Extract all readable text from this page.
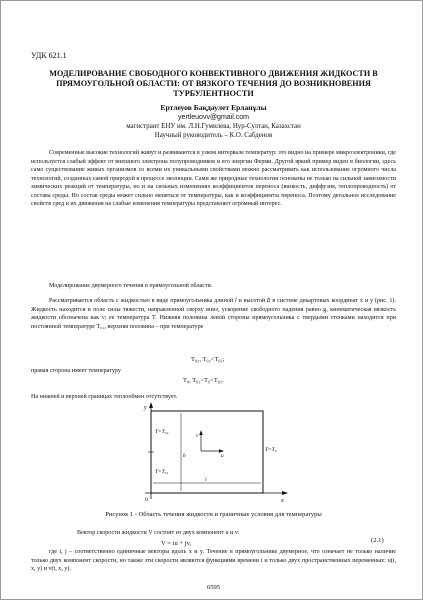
УДК 621.1
МОДЕЛИРОВАНИЕ СВОБОДНОГО КОНВЕКТИВНОГО ДВИЖЕНИЯ ЖИДКОСТИ В ПРЯМОУГОЛЬНОЙ ОБЛАСТИ: ОТ ВЯЗКОГО ТЕЧЕНИЯ ДО ВОЗНИКНОВЕНИЯ ТУРБУЛЕНТНОСТИ
Ертлеуов Бақдаулет Ерланұлы
yertleuovv@gmail.com
магистрант ЕНУ им. Л.Н.Гумилева, Нур-Султан, Казахстан
Научный руководитель – К.О. Сабденов
Современные высокие технологий живут и развиваются в узком интервале температур: это видно на примере микроэлектроники, где используется слабый эффект от внешнего электрона полупроводников и его энергии Ферми. Другой яркий пример виден в биологии, здесь само существование живых организмов со всеми их уникальными свойствами можно рассматривать как использование огромного числа технологий, созданных самой природой в процессе эволюции. Сами же природные технологии основаны не только на сильной зависимости химических реакций от температуры, но и на сильных изменениях коэффициентов переноса (вязкость, диффузия, теплопроводность) от состава среды. Но состав среды может сильно меняться от температуры, как и коэффициенты переноса. Поэтому детальное исследование свойств сред и их движения на слабые изменения температуры представляет огромный интерес.
Моделирование двумерного течения в прямоугольной области.
Рассматривается область с жидкостью в виде прямоугольника длиной 𝑙 и высотой 𝑏 в системе декартовых координат x и y (рис. 1). Жидкость находится в поле силы тяжести, направленной сверху вниз, ускорение свободного падения равно g, кинематическая вязкость жидкости обозначена как ν; ее температура T. Нижняя половина левой стороны прямоугольника с твердыми стенками находится при постоянной температуре T₀₁, верхняя половина – при температуре
T₀₂, T₀₂<T₀₁;
правая сторона имеет температуру
T₀, T₀₂<T₀<T₀₁.
На нижней и верхней границах теплообмен отсутствует.
y
x
0
T=T₀₂
T=T₀₁
T=T₀
b
l
v
u
Рисунок 1 - Область течения жидкости и граничные условия для температуры
Вектор скорости жидкости V состоит из двух компонент u и v:
V = iu + jv,	(2.1)
где i, j – соответственно единичные векторы вдоль x и y. Течение в прямоугольнике двумерное, что означает не только наличие только двух компонент скорости, но также эти скорости являются функциями времени t и только двух пространственных переменных: u(t, x, y) и v(t, x, y).
6595
